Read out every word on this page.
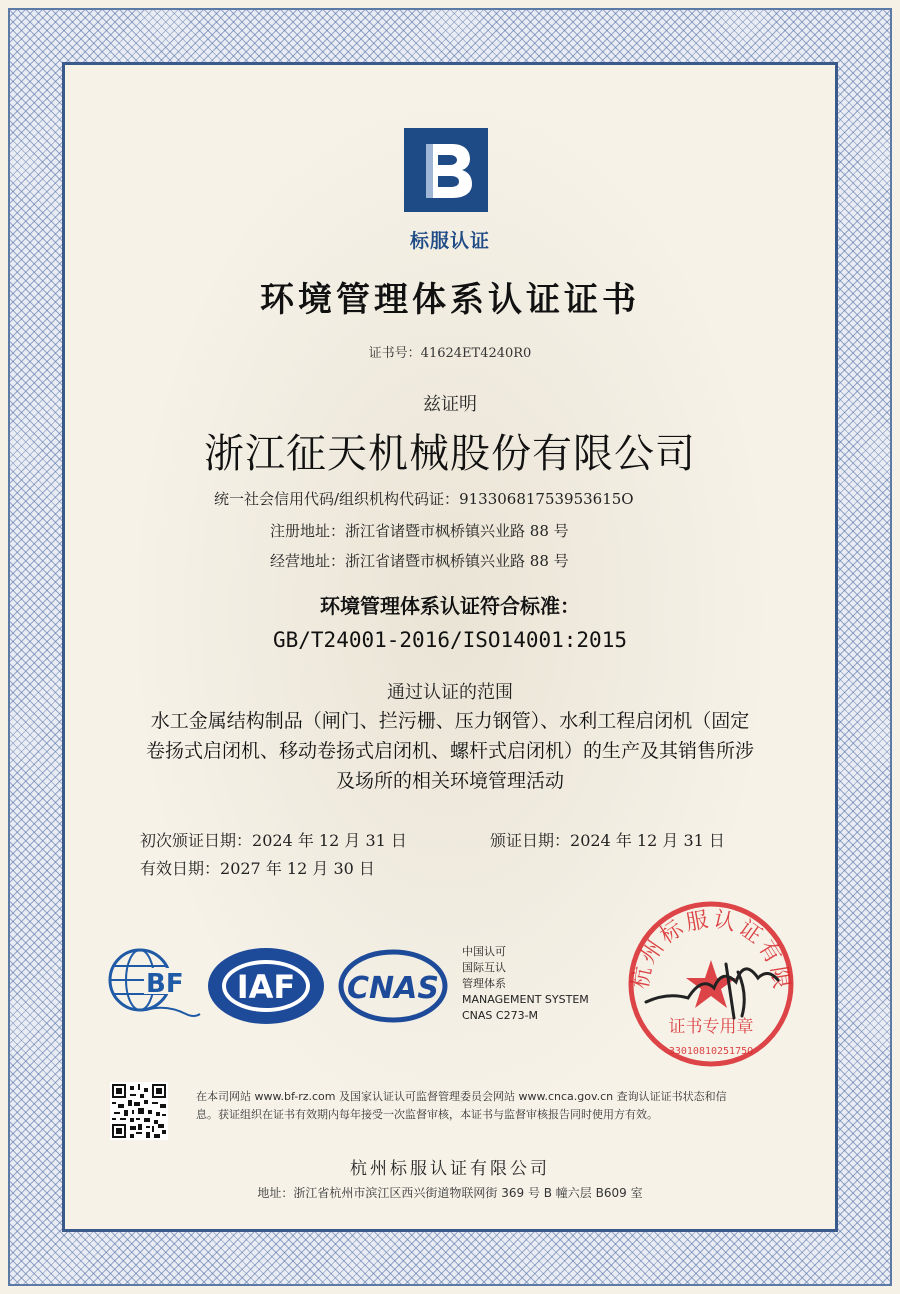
标服认证
环境管理体系认证证书
证书号：41624ET4240R0
兹证明
浙江征天机械股份有限公司
统一社会信用代码/组织机构代码证：91330681753953615O
注册地址：浙江省诸暨市枫桥镇兴业路 88 号
经营地址：浙江省诸暨市枫桥镇兴业路 88 号
环境管理体系认证符合标准：
GB/T24001-2016/ISO14001:2015
通过认证的范围
水工金属结构制品（闸门、拦污栅、压力钢管）、水利工程启闭机（固定
卷扬式启闭机、移动卷扬式启闭机、螺杆式启闭机）的生产及其销售所涉
及场所的相关环境管理活动
初次颁证日期：2024 年 12 月 31 日	颁证日期：2024 年 12 月 31 日
有效日期：2027 年 12 月 30 日
BF IAF CNAS
中国认可
国际互认
管理体系
MANAGEMENT SYSTEM
CNAS C273-M
杭州标服认证有限
证书专用章
3301081025175O
在本司网站 www.bf-rz.com 及国家认证认可监督管理委员会网站 www.cnca.gov.cn 查询认证证书状态和信
息。获证组织在证书有效期内每年接受一次监督审核，本证书与监督审核报告同时使用方有效。
杭州标服认证有限公司
地址：浙江省杭州市滨江区西兴街道物联网街 369 号 B 幢六层 B609 室
